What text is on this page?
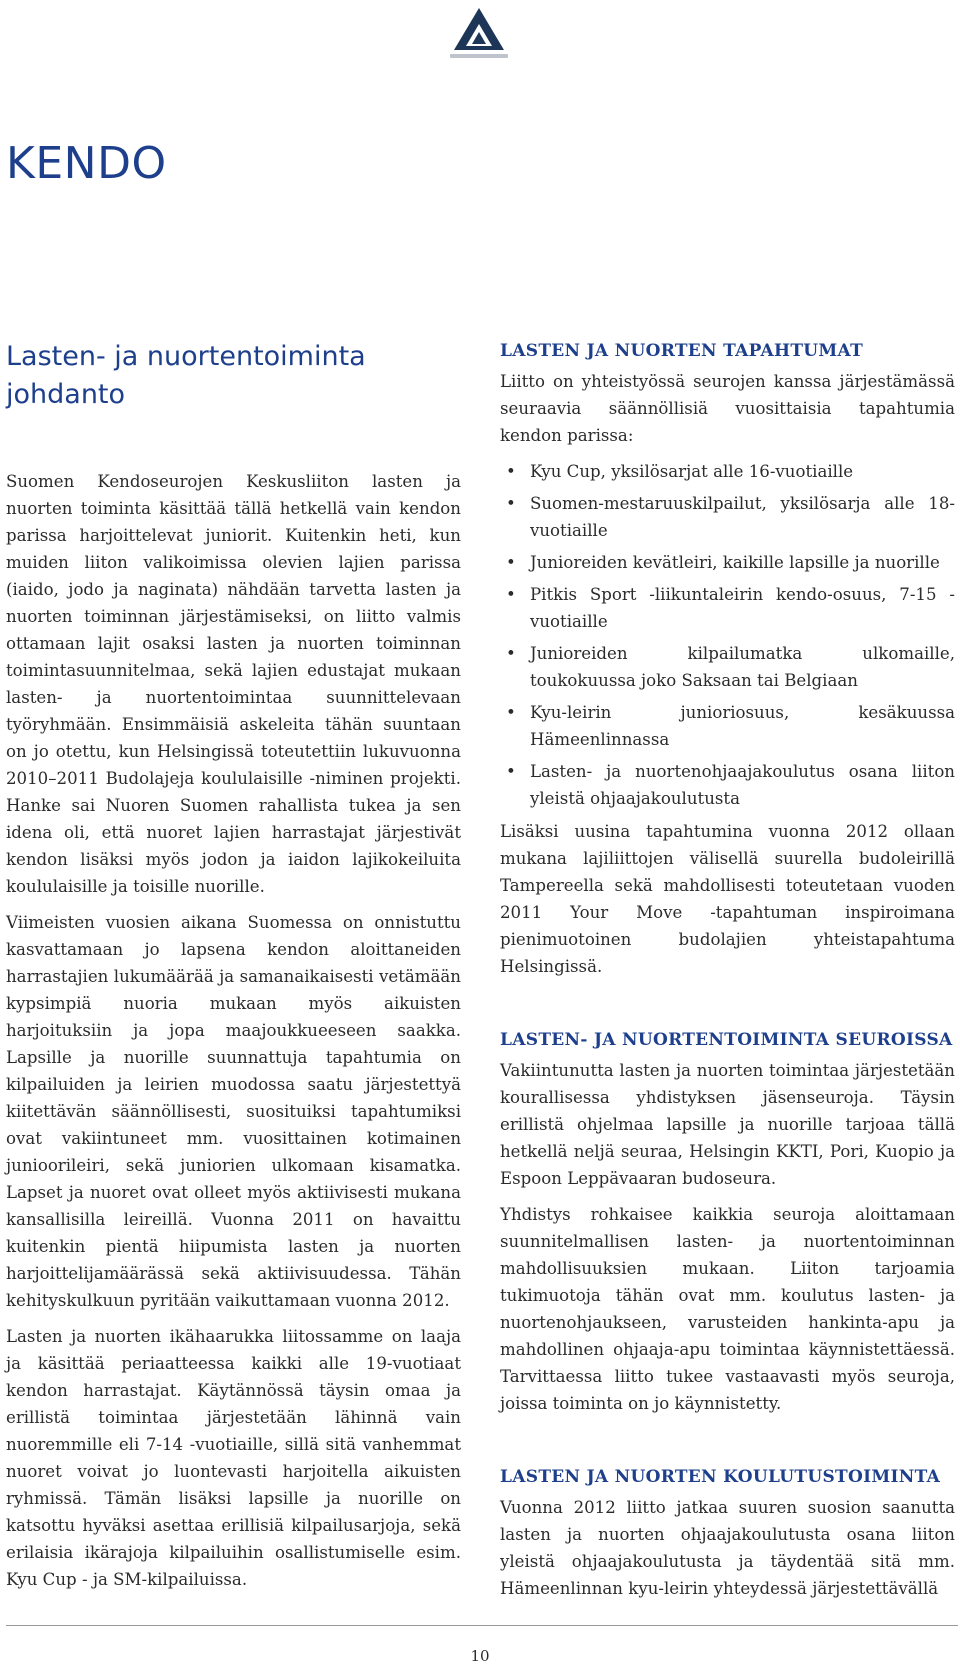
KENDO
Lasten- ja nuortentoiminta johdanto

Suomen Kendoseurojen Keskusliiton lasten ja nuorten toiminta käsittää tällä hetkellä vain kendon parissa harjoittelevat juniorit. Kuitenkin heti, kun muiden liiton valikoimissa olevien lajien parissa (iaido, jodo ja naginata) nähdään tarvetta lasten ja nuorten toiminnan järjestämiseksi, on liitto valmis ottamaan lajit osaksi lasten ja nuorten toiminnan toimintasuunnitelmaa, sekä lajien edustajat mukaan lasten- ja nuortentoimintaa suunnittelevaan työryhmään. Ensimmäisiä askeleita tähän suuntaan on jo otettu, kun Helsingissä toteutettiin lukuvuonna 2010–2011 Budolajeja koululaisille -niminen projekti. Hanke sai Nuoren Suomen rahallista tukea ja sen idena oli, että nuoret lajien harrastajat järjestivät kendon lisäksi myös jodon ja iaidon lajikokeiluita koululaisille ja toisille nuorille.

Viimeisten vuosien aikana Suomessa on onnistuttu kasvattamaan jo lapsena kendon aloittaneiden harrastajien lukumäärää ja samanaikaisesti vetämään kypsimpiä nuoria mukaan myös aikuisten harjoituksiin ja jopa maajoukkueeseen saakka. Lapsille ja nuorille suunnattuja tapahtumia on kilpailuiden ja leirien muodossa saatu järjestettyä kiitettävän säännöllisesti, suosituiksi tapahtumiksi ovat vakiintuneet mm. vuosittainen kotimainen junioorileiri, sekä juniorien ulkomaan kisamatka. Lapset ja nuoret ovat olleet myös aktiivisesti mukana kansallisilla leireillä. Vuonna 2011 on havaittu kuitenkin pientä hiipumista lasten ja nuorten harjoittelijamäärässä sekä aktiivisuudessa. Tähän kehityskulkuun pyritään vaikuttamaan vuonna 2012.

Lasten ja nuorten ikähaarukka liitossamme on laaja ja käsittää periaatteessa kaikki alle 19-vuotiaat kendon harrastajat. Käytännössä täysin omaa ja erillistä toimintaa järjestetään lähinnä vain nuoremmille eli 7-14 -vuotiaille, sillä sitä vanhemmat nuoret voivat jo luontevasti harjoitella aikuisten ryhmissä. Tämän lisäksi lapsille ja nuorille on katsottu hyväksi asettaa erillisiä kilpailusarjoja, sekä erilaisia ikärajoja kilpailuihin osallistumiselle esim. Kyu Cup - ja SM-kilpailuissa.

LASTEN JA NUORTEN TAPAHTUMAT

Liitto on yhteistyössä seurojen kanssa järjestämässä seuraavia säännöllisiä vuosittaisia tapahtumia kendon parissa:

• Kyu Cup, yksilösarjat alle 16-vuotiaille
• Suomen-mestaruuskilpailut, yksilösarja alle 18-vuotiaille
• Junioreiden kevätleiri, kaikille lapsille ja nuorille
• Pitkis Sport -liikuntaleirin kendo-osuus, 7-15 -vuotiaille
• Junioreiden kilpailumatka ulkomaille, toukokuussa joko Saksaan tai Belgiaan
• Kyu-leirin junioriosuus, kesäkuussa Hämeenlinnassa
• Lasten- ja nuortenohjaajakoulutus osana liiton yleistä ohjaajakoulutusta

Lisäksi uusina tapahtumina vuonna 2012 ollaan mukana lajiliittojen välisellä suurella budoleirillä Tampereella sekä mahdollisesti toteutetaan vuoden 2011 Your Move -tapahtuman inspiroimana pienimuotoinen budolajien yhteistapahtuma Helsingissä.

LASTEN- JA NUORTENTOIMINTA SEUROISSA

Vakiintunutta lasten ja nuorten toimintaa järjestetään kourallisessa yhdistyksen jäsenseuroja. Täysin erillistä ohjelmaa lapsille ja nuorille tarjoaa tällä hetkellä neljä seuraa, Helsingin KKTI, Pori, Kuopio ja Espoon Leppävaaran budoseura.

Yhdistys rohkaisee kaikkia seuroja aloittamaan suunnitelmallisen lasten- ja nuortentoiminnan mahdollisuuksien mukaan. Liiton tarjoamia tukimuotoja tähän ovat mm. koulutus lasten- ja nuortenohjaukseen, varusteiden hankinta-apu ja mahdollinen ohjaaja-apu toimintaa käynnistettäessä. Tarvittaessa liitto tukee vastaavasti myös seuroja, joissa toiminta on jo käynnistetty.

LASTEN JA NUORTEN KOULUTUSTOIMINTA

Vuonna 2012 liitto jatkaa suuren suosion saanutta lasten ja nuorten ohjaajakoulutusta osana liiton yleistä ohjaajakoulutusta ja täydentää sitä mm. Hämeenlinnan kyu-leirin yhteydessä järjestettävällä

10
